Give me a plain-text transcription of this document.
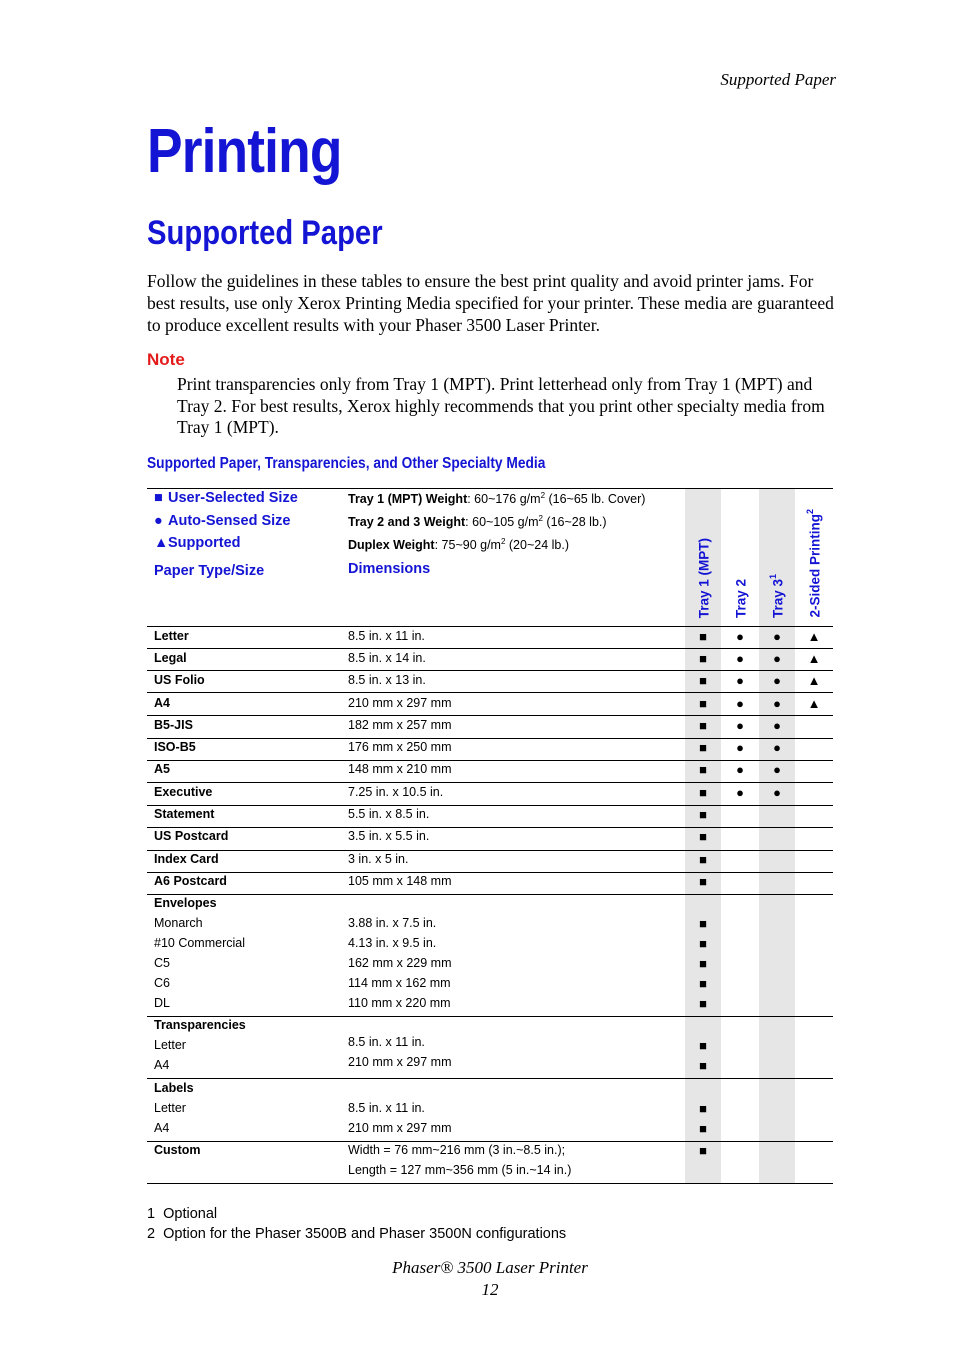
Supported Paper
Printing
Supported Paper

Follow the guidelines in these tables to ensure the best print quality and avoid printer jams. For best results, use only Xerox Printing Media specified for your printer. These media are guaranteed to produce excellent results with your Phaser 3500 Laser Printer.

Note

Print transparencies only from Tray 1 (MPT). Print letterhead only from Tray 1 (MPT) and Tray 2. For best results, Xerox highly recommends that you print other specialty media from Tray 1 (MPT).

Supported Paper, Transparencies, and Other Specialty Media
■ User-Selected Size
● Auto-Sensed Size
▲Supported
Paper Type/Size
Tray 1 (MPT) Weight: 60~176 $g/m^2$ (16~65 lb. Cover)
Tray 2 and 3 Weight: 60~105 $g/m^2$ (16~28 lb.)
Duplex Weight: 75~90 $g/m^2$ (20~24 lb.)
Dimensions	Tray 1 (MPT) Tray 2 Tray $3^1$	2-Sided Printing$^2$
Letter	8.5 in. x 11 in.	■	●	●	▲
Legal	8.5 in. x 14 in.	■	●	●	▲
US Folio	8.5 in. x 13 in.	■	●	●	▲
A4	210 mm x 297 mm	■	●	●	▲
B5-JIS	182 mm x 257 mm	■	●	●
ISO-B5	176 mm x 250 mm	■	●	●
A5	148 mm x 210 mm	■	●	●
Executive	7.25 in. x 10.5 in.	■	●	●
Statement	5.5 in. x 8.5 in.	■
US Postcard	3.5 in. x 5.5 in.	■
Index Card	3 in. x 5 in.	■
A6 Postcard	105 mm x 148 mm	■
Envelopes
Monarch	3.88 in. x 7.5 in.	■
#10 Commercial	4.13 in. x 9.5 in.	■
C5	162 mm x 229 mm	■
C6	114 mm x 162 mm	■
DL	110 mm x 220 mm	■
Transparencies
Letter	8.5 in. x 11 in.	■
A4	210 mm x 297 mm	■
Labels
Letter	8.5 in. x 11 in.	■
A4	210 mm x 297 mm	■
Custom	Width = 76 mm~216 mm (3 in.~8.5 in.);	■
Length = 127 mm~356 mm (5 in.~14 in.)
1 Optional
2 Option for the Phaser 3500B and Phaser 3500N configurations
Phaser® 3500 Laser Printer
12
